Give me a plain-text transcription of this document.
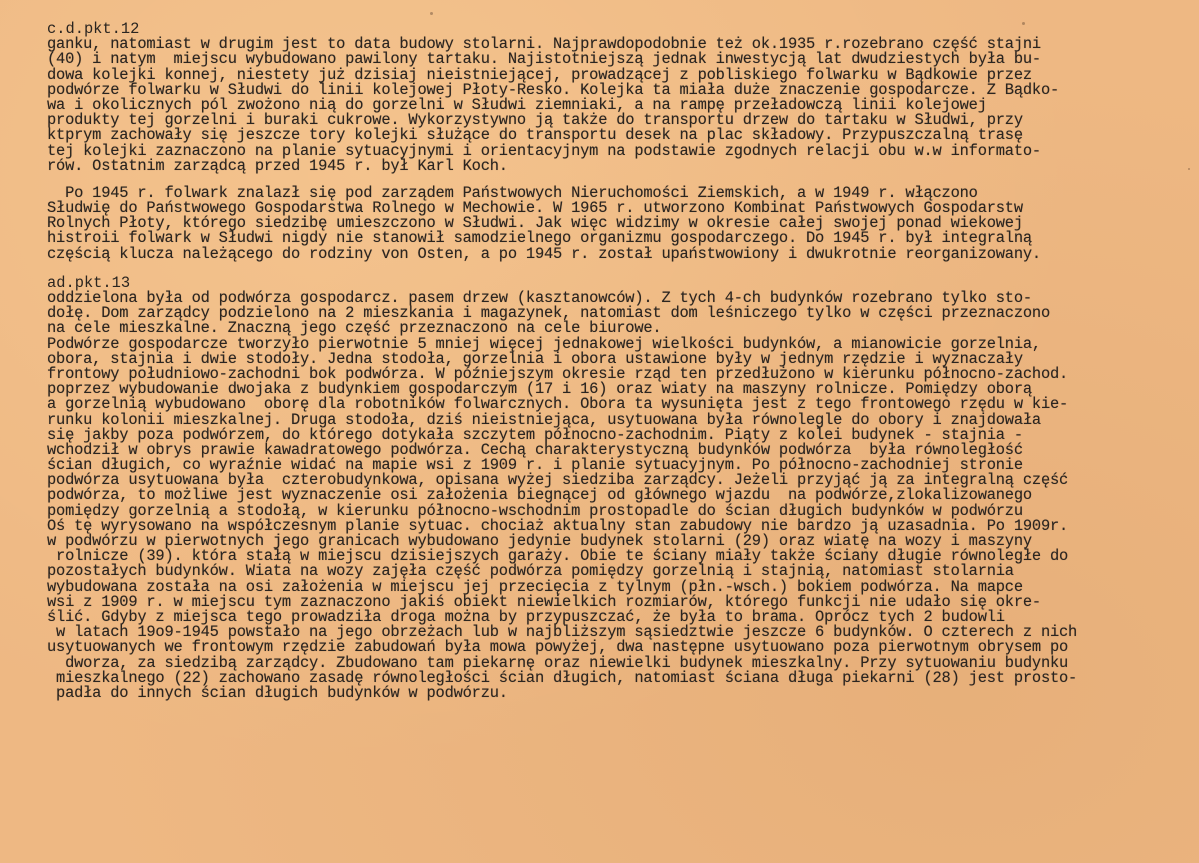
c.d.pkt.12
ganku, natomiast w drugim jest to data budowy stolarni. Najprawdopodobnie też ok.1935 r.rozebrano część stajni
(40) i natym  miejscu wybudowano pawilony tartaku. Najistotniejszą jednak inwestycją lat dwudziestych była bu-
dowa kolejki konnej, niestety już dzisiaj nieistniejącej, prowadzącej z pobliskiego folwarku w Bądkowie przez
podwórze folwarku w Słudwi do linii kolejowej Płoty-Resko. Kolejka ta miała duże znaczenie gospodarcze. Z Bądko-
wa i okolicznych pól zwożono nią do gorzelni w Słudwi ziemniaki, a na rampę przeładowczą linii kolejowej
produkty tej gorzelni i buraki cukrowe. Wykorzystywno ją także do transportu drzew do tartaku w Słudwi, przy
ktprym zachowały się jeszcze tory kolejki służące do transportu desek na plac składowy. Przypuszczalną trasę
tej kolejki zaznaczono na planie sytuacyjnymi i orientacyjnym na podstawie zgodnych relacji obu w.w informato-
rów. Ostatnim zarządcą przed 1945 r. był Karl Koch.
Po 1945 r. folwark znalazł się pod zarządem Państwowych Nieruchomości Ziemskich, a w 1949 r. włączono
Słudwię do Państwowego Gospodarstwa Rolnego w Mechowie. W 1965 r. utworzono Kombinat Państwowych Gospodarstw
Rolnych Płoty, którego siedzibę umieszczono w Słudwi. Jak więc widzimy w okresie całej swojej ponad wiekowej
histroii folwark w Słudwi nigdy nie stanowił samodzielnego organizmu gospodarczego. Do 1945 r. był integralną
częścią klucza należącego do rodziny von Osten, a po 1945 r. został upaństwowiony i dwukrotnie reorganizowany.
ad.pkt.13
oddzielona była od podwórza gospodarcz. pasem drzew (kasztanowców). Z tych 4-ch budynków rozebrano tylko sto-
dołę. Dom zarządcy podzielono na 2 mieszkania i magazynek, natomiast dom leśniczego tylko w części przeznaczono
na cele mieszkalne. Znaczną jego część przeznaczono na cele biurowe.
Podwórze gospodarcze tworzyło pierwotnie 5 mniej więcej jednakowej wielkości budynków, a mianowicie gorzelnia,
obora, stajnia i dwie stodoły. Jedna stodoła, gorzelnia i obora ustawione były w jednym rzędzie i wyznaczały
frontowy południowo-zachodni bok podwórza. W późniejszym okresie rząd ten przedłużono w kierunku północno-zachod.
poprzez wybudowanie dwojaka z budynkiem gospodarczym (17 i 16) oraz wiaty na maszyny rolnicze. Pomiędzy oborą
a gorzelnią wybudowano  oborę dla robotników folwarcznych. Obora ta wysunięta jest z tego frontowego rzędu w kie-
runku kolonii mieszkalnej. Druga stodoła, dziś nieistniejąca, usytuowana była równolegle do obory i znajdowała
się jakby poza podwórzem, do którego dotykała szczytem północno-zachodnim. Piąty z kolei budynek - stajnia -
wchodził w obrys prawie kawadratowego podwórza. Cechą charakterystyczną budynków podwórza  była równoległość
ścian długich, co wyraźnie widać na mapie wsi z 1909 r. i planie sytuacyjnym. Po północno-zachodniej stronie
podwórza usytuowana była  czterobudynkowa, opisana wyżej siedziba zarządcy. Jeżeli przyjąć ją za integralną część
podwórza, to możliwe jest wyznaczenie osi założenia biegnącej od głównego wjazdu  na podwórze,zlokalizowanego
pomiędzy gorzelnią a stodołą, w kierunku północno-wschodnim prostopadle do ścian długich budynków w podwórzu
Oś tę wyrysowano na współczesnym planie sytuac. chociaż aktualny stan zabudowy nie bardzo ją uzasadnia. Po 1909r.
w podwórzu w pierwotnych jego granicach wybudowano jedynie budynek stolarni (29) oraz wiatę na wozy i maszyny
rolnicze (39). która stałą w miejscu dzisiejszych garaży. Obie te ściany miały także ściany długie równoległe do
pozostałych budynków. Wiata na wozy zajęła część podwórza pomiędzy gorzelnią i stajnią, natomiast stolarnia
wybudowana została na osi założenia w miejscu jej przecięcia z tylnym (płn.-wsch.) bokiem podwórza. Na mapce
wsi z 1909 r. w miejscu tym zaznaczono jakiś obiekt niewielkich rozmiarów, którego funkcji nie udało się okre-
ślić. Gdyby z miejsca tego prowadziła droga można by przypuszczać, że była to brama. Oprócz tych 2 budowli
w latach 19o9-1945 powstało na jego obrzeżach lub w najbliższym sąsiedztwie jeszcze 6 budynków. O czterech z nich
usytuowanych we frontowym rzędzie zabudowań była mowa powyżej, dwa następne usytuowano poza pierwotnym obrysem po
dworza, za siedzibą zarządcy. Zbudowano tam piekarnę oraz niewielki budynek mieszkalny. Przy sytuowaniu budynku
mieszkalnego (22) zachowano zasadę równoległości ścian długich, natomiast ściana długa piekarni (28) jest prosto-
padła do innych ścian długich budynków w podwórzu.
